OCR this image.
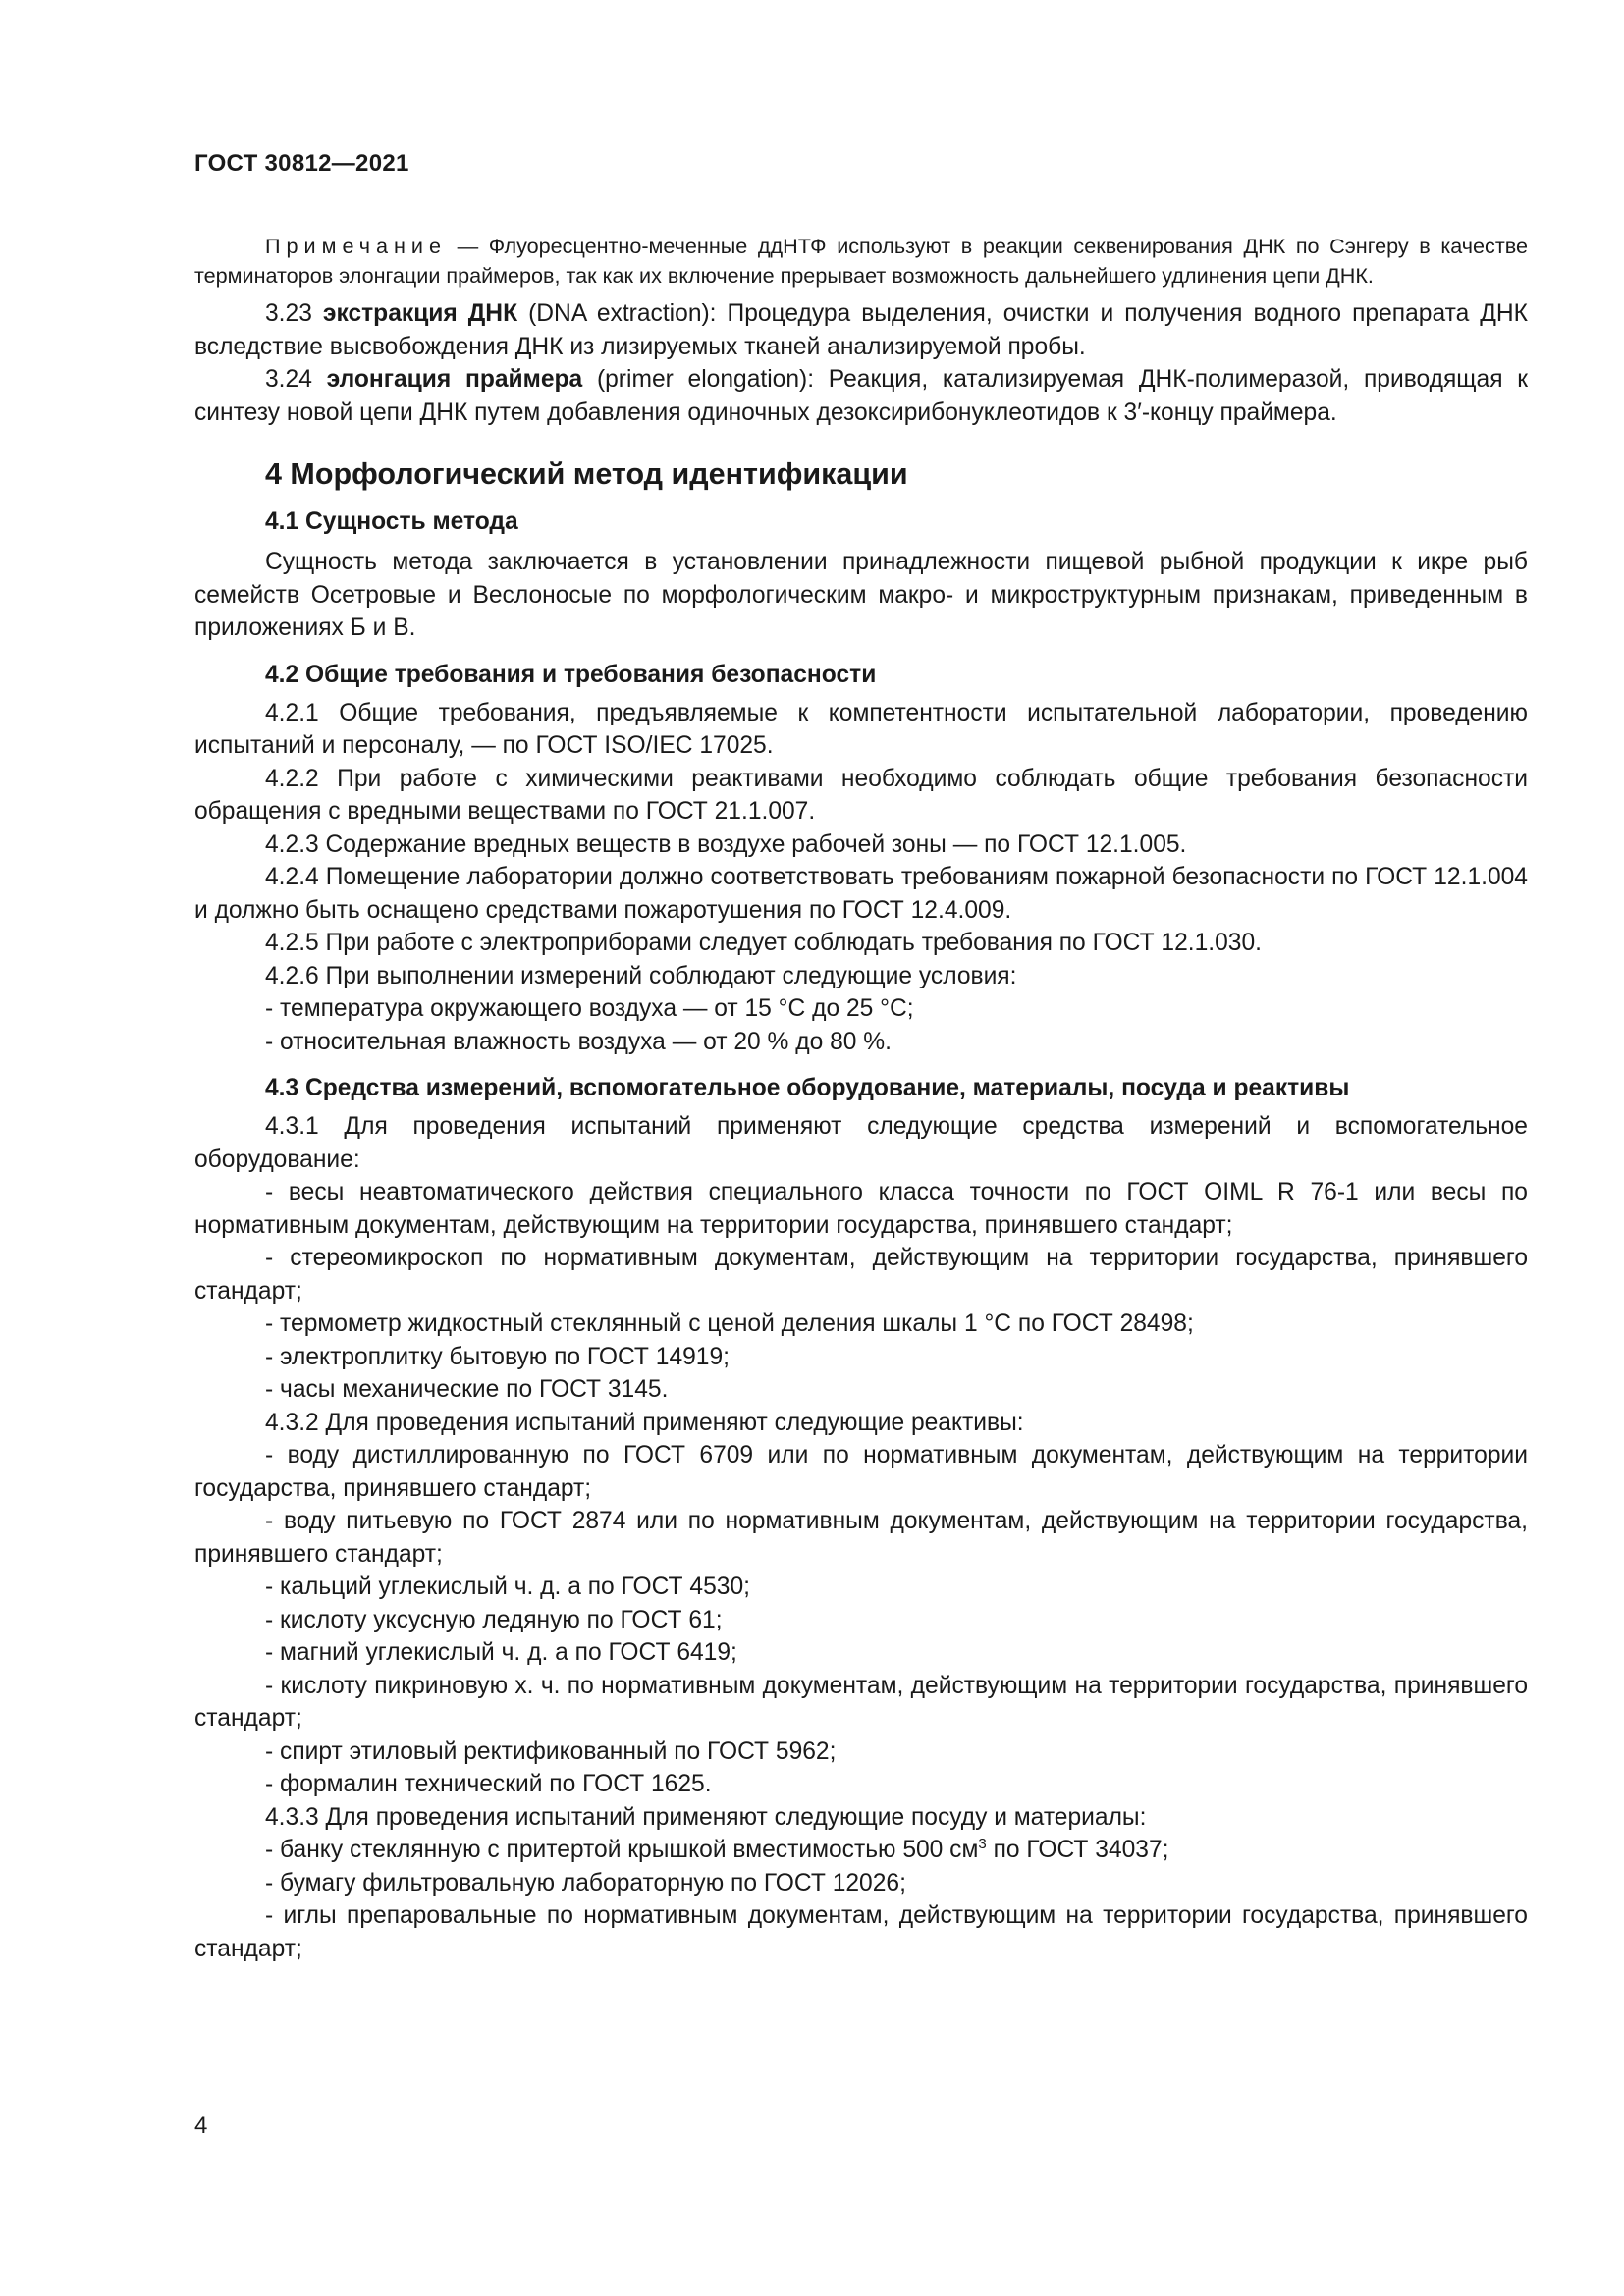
ГОСТ 30812—2021

Примечание — Флуоресцентно-меченные ддНТФ используют в реакции секвенирования ДНК по Сэнгеру в качестве терминаторов элонгации праймеров, так как их включение прерывает возможность дальнейшего удлинения цепи ДНК.

3.23 экстракция ДНК (DNA extraction): Процедура выделения, очистки и получения водного препарата ДНК вследствие высвобождения ДНК из лизируемых тканей анализируемой пробы.

3.24 элонгация праймера (primer elongation): Реакция, катализируемая ДНК-полимеразой, приводящая к синтезу новой цепи ДНК путем добавления одиночных дезоксирибонуклеотидов к 3′-концу праймера.

4 Морфологический метод идентификации
4.1 Сущность метода

Сущность метода заключается в установлении принадлежности пищевой рыбной продукции к икре рыб семейств Осетровые и Веслоносые по морфологическим макро- и микроструктурным признакам, приведенным в приложениях Б и В.

4.2 Общие требования и требования безопасности

4.2.1 Общие требования, предъявляемые к компетентности испытательной лаборатории, проведению испытаний и персоналу, — по ГОСТ ISO/IEC 17025.

4.2.2 При работе с химическими реактивами необходимо соблюдать общие требования безопасности обращения с вредными веществами по ГОСТ 21.1.007.

4.2.3 Содержание вредных веществ в воздухе рабочей зоны — по ГОСТ 12.1.005.

4.2.4 Помещение лаборатории должно соответствовать требованиям пожарной безопасности по ГОСТ 12.1.004 и должно быть оснащено средствами пожаротушения по ГОСТ 12.4.009.

4.2.5 При работе с электроприборами следует соблюдать требования по ГОСТ 12.1.030.

4.2.6 При выполнении измерений соблюдают следующие условия:

- температура окружающего воздуха — от 15 °С до 25 °С;

- относительная влажность воздуха — от 20 % до 80 %.

4.3 Средства измерений, вспомогательное оборудование, материалы, посуда и реактивы

4.3.1 Для проведения испытаний применяют следующие средства измерений и вспомогательное оборудование:

- весы неавтоматического действия специального класса точности по ГОСТ OIML R 76-1 или весы по нормативным документам, действующим на территории государства, принявшего стандарт;

- стереомикроскоп по нормативным документам, действующим на территории государства, принявшего стандарт;

- термометр жидкостный стеклянный с ценой деления шкалы 1 °С по ГОСТ 28498;

- электроплитку бытовую по ГОСТ 14919;

- часы механические по ГОСТ 3145.

4.3.2 Для проведения испытаний применяют следующие реактивы:

- воду дистиллированную по ГОСТ 6709 или по нормативным документам, действующим на территории государства, принявшего стандарт;

- воду питьевую по ГОСТ 2874 или по нормативным документам, действующим на территории государства, принявшего стандарт;

- кальций углекислый ч. д. а по ГОСТ 4530;

- кислоту уксусную ледяную по ГОСТ 61;

- магний углекислый ч. д. а по ГОСТ 6419;

- кислоту пикриновую х. ч. по нормативным документам, действующим на территории государства, принявшего стандарт;

- спирт этиловый ректификованный по ГОСТ 5962;

- формалин технический по ГОСТ 1625.

4.3.3 Для проведения испытаний применяют следующие посуду и материалы:

- банку стеклянную с притертой крышкой вместимостью 500 $см^3$ по ГОСТ 34037;

- бумагу фильтровальную лабораторную по ГОСТ 12026;

- иглы препаровальные по нормативным документам, действующим на территории государства, принявшего стандарт;

4
